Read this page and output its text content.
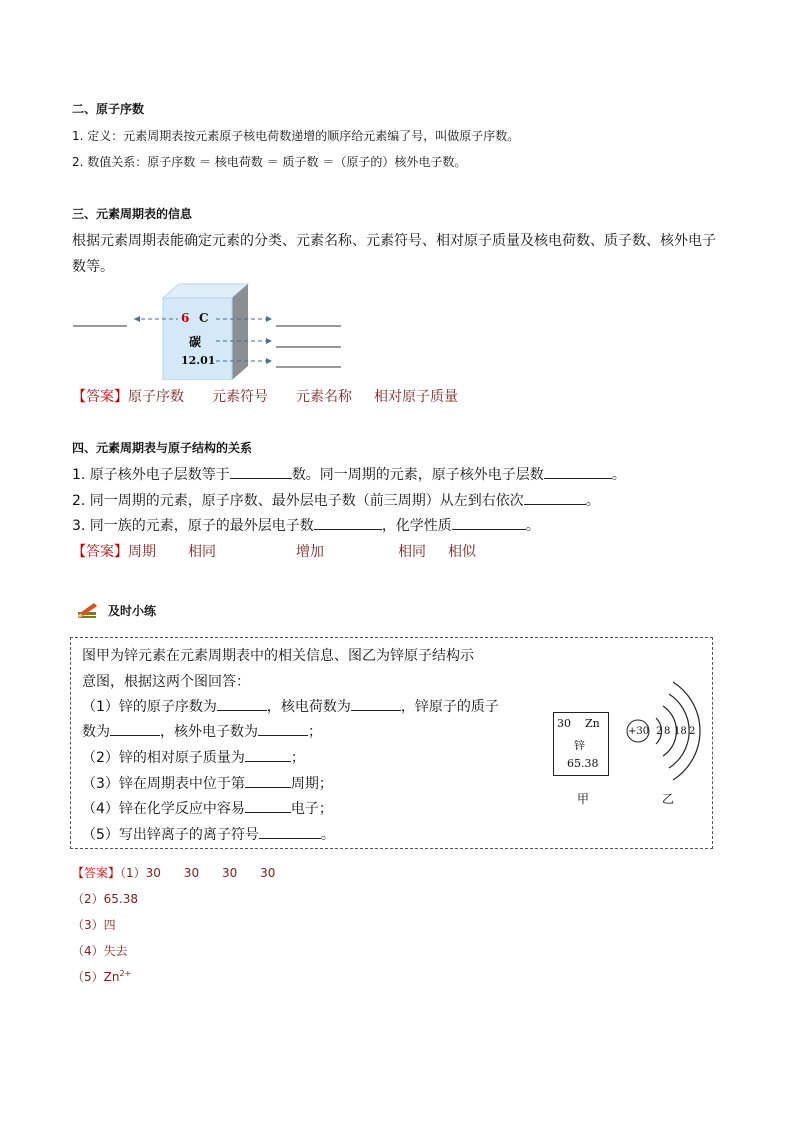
二、原子序数
1. 定义：元素周期表按元素原子核电荷数递增的顺序给元素编了号，叫做原子序数。
2. 数值关系：原子序数 ＝ 核电荷数 ＝ 质子数 ＝（原子的）核外电子数。
三、元素周期表的信息
根据元素周期表能确定元素的分类、元素名称、元素符号、相对原子质量及核电荷数、质子数、核外电子
数等。
6 C
碳
12.01
【答案】原子序数 元素符号 元素名称 相对原子质量
四、元素周期表与原子结构的关系
1. 原子核外电子层数等于	数。同一周期的元素，原子核外电子层数	。
2. 同一周期的元素，原子序数、最外层电子数（前三周期）从左到右依次	。
3. 同一族的元素，原子的最外层电子数	，化学性质	。
【答案】周期 相同	增加	相同 相似
及时小练
图甲为锌元素在元素周期表中的相关信息、图乙为锌原子结构示
意图，根据这两个图回答：
（1）锌的原子序数为	，核电荷数为	，锌原子的质子
数为	，核外电子数为	；
（2）锌的相对原子质量为	；
（3）锌在周期表中位于第	周期；
（4）锌在化学反应中容易	电子；
（5）写出锌离子的离子符号	。
30 Zn
锌
65.38
甲
+30 2 8 18 2
乙
【答案】（1）30      30      30      30
（2）65.38
（3）四
（4）失去
$(5)Zn^{2+}$
